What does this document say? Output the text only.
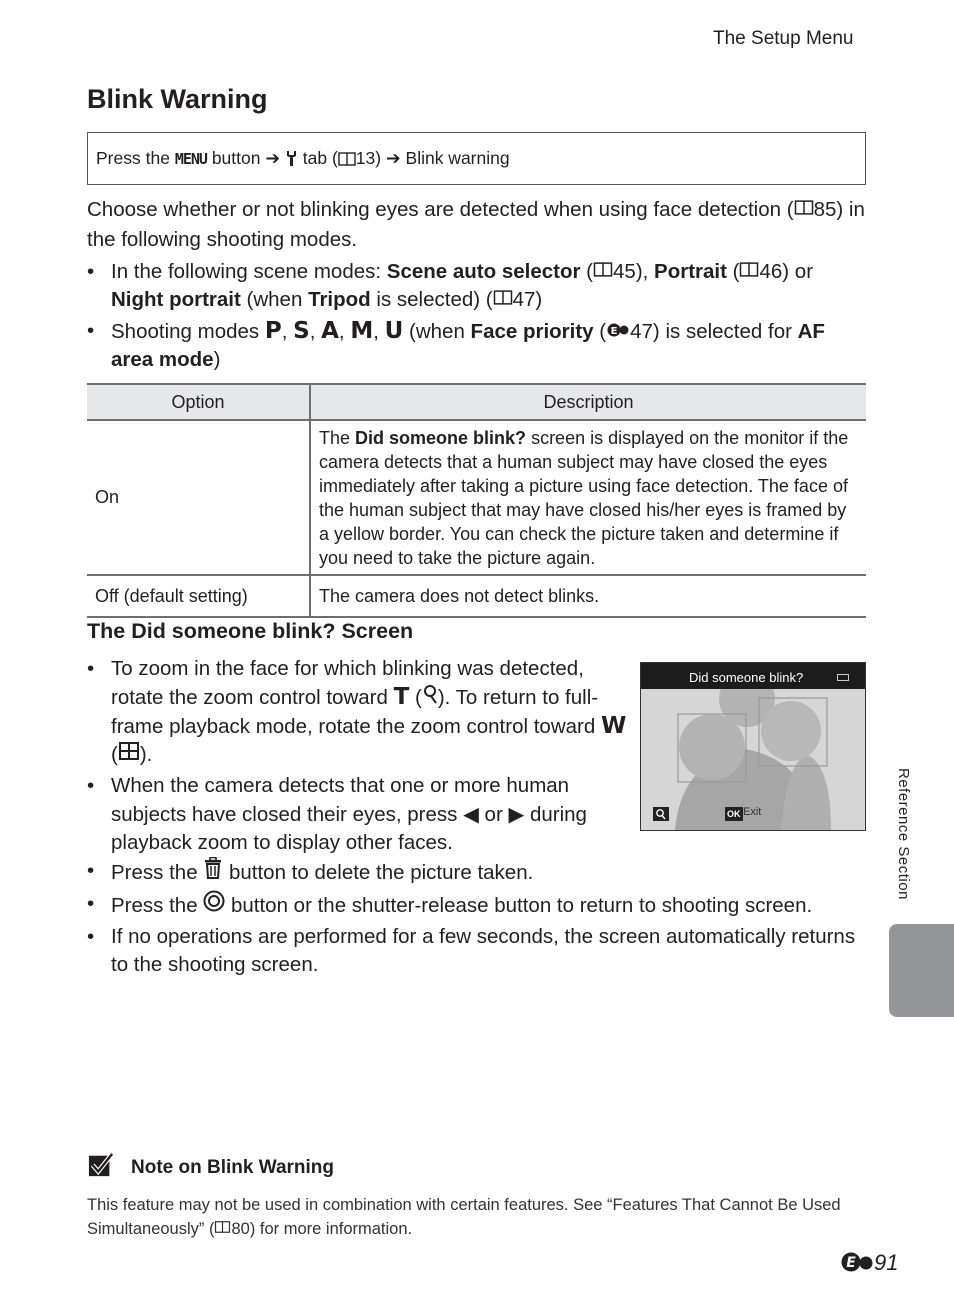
The Setup Menu
Blink Warning
Press the
MENU
button
➔

tab ( 13)
➔
Blink warning

Choose whether or not blinking eyes are detected when using face detection ( 85) in the following shooting modes.

• In the following scene modes: Scene auto selector ( 45), Portrait ( 46) or Night portrait (when Tripod is selected) ( 47)
• Shooting modes P, S, A, M, U (when Face priority ( E 47) is selected for AF area mode)
Option	Description
On	The Did someone blink? screen is displayed on the monitor if the camera detects that a human subject may have closed the eyes immediately after taking a picture using face detection. The face of the human subject that may have closed his/her eyes is framed by a yellow border. You can check the picture taken and determine if you need to take the picture again.
Off (default setting)	The camera does not detect blinks.
The Did someone blink? Screen
• To zoom in the face for which blinking was detected, rotate the zoom control toward T ( ). To return to full-frame playback mode, rotate the zoom control toward W ( ).
• When the camera detects that one or more human subjects have closed their eyes, press ◀ or ▶ during playback zoom to display other faces.
• Press the  button to delete the picture taken.
• Press the  button or the shutter-release button to return to shooting screen.
• If no operations are performed for a few seconds, the screen automatically returns to the shooting screen.
Did someone blink?
OK Exit
Note on Blink Warning

This feature may not be used in combination with certain features. See “Features That Cannot Be Used Simultaneously” ( 80) for more information.

E 91
Reference Section
